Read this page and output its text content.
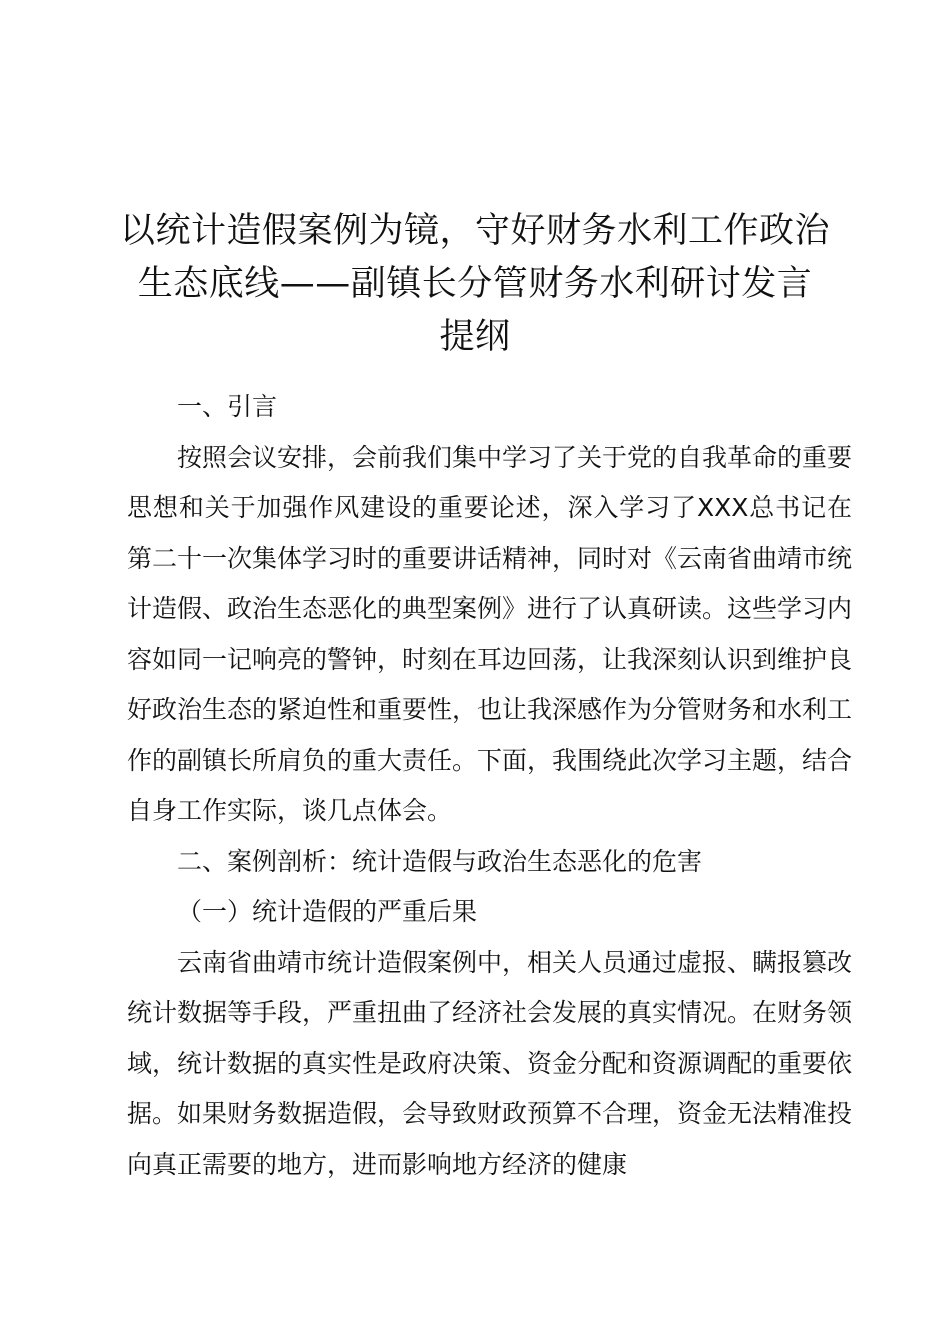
以统计造假案例为镜，守好财务水利工作政治
生态底线——副镇长分管财务水利研讨发言
提纲

一、引言

按照会议安排，会前我们集中学习了关于党的自我革命的重要思想和关于加强作风建设的重要论述，深入学习了XXX总书记在第二十一次集体学习时的重要讲话精神，同时对《云南省曲靖市统计造假、政治生态恶化的典型案例》进行了认真研读。这些学习内容如同一记响亮的警钟，时刻在耳边回荡，让我深刻认识到维护良好政治生态的紧迫性和重要性，也让我深感作为分管财务和水利工作的副镇长所肩负的重大责任。下面，我围绕此次学习主题，结合自身工作实际，谈几点体会。

二、案例剖析：统计造假与政治生态恶化的危害

（一）统计造假的严重后果

云南省曲靖市统计造假案例中，相关人员通过虚报、瞒报篡改统计数据等手段，严重扭曲了经济社会发展的真实情况。在财务领域，统计数据的真实性是政府决策、资金分配和资源调配的重要依据。如果财务数据造假，会导致财政预算不合理，资金无法精准投向真正需要的地方，进而影响地方经济的健康
